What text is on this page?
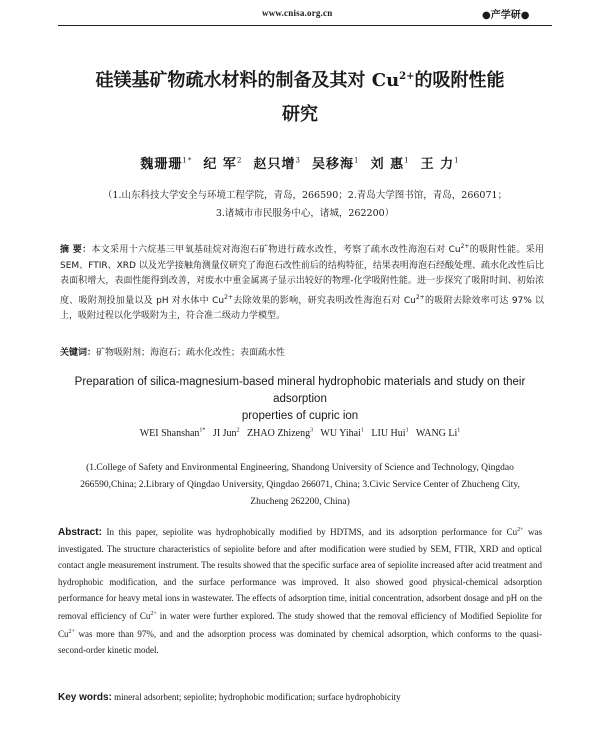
www.cnisa.org.cn	●产学研●
硅镁基矿物疏水材料的制备及其对 $Cu^{2+}$的吸附性能
研究
魏珊珊$^{1*}$ 纪 军$^2$ 赵只增$^3$ 吴移海$^1$ 刘 惠$^1$ 王 力$^1$
（1.山东科技大学安全与环境工程学院，青岛，266590；2.青岛大学图书馆，青岛，266071；
3.诸城市市民服务中心，诸城，262200）
摘 要：本文采用十六烷基三甲氧基硅烷对海泡石矿物进行疏水改性，考察了疏水改性海泡石对 $Cu^{2+}$的吸附性能。采用 SEM、FTIR、XRD 以及光学接触角测量仪研究了海泡石改性前后的结构特征，结果表明海泡石经酸处理、疏水化改性后比表面积增大，表面性能得到改善，对废水中重金属离子显示出较好的物理-化学吸附性能。进一步探究了吸附时间、初始浓度、吸附剂投加量以及 pH 对水体中 $Cu^{2+}$去除效果的影响，研究表明改性海泡石对 $Cu^{2+}$的吸附去除效率可达 97% 以上，吸附过程以化学吸附为主，符合准二级动力学模型。
关键词：矿物吸附剂；海泡石；疏水化改性；表面疏水性
Preparation of silica-magnesium-based mineral hydrophobic materials and study on their adsorption
properties of cupric ion
WEI Shanshan$^{1*}$ JI Jun$^2$ ZHAO Zhizeng$^3$ WU Yihai$^1$ LIU Hui$^1$ WANG Li$^1$
(1.College of Safety and Environmental Engineering, Shandong University of Science and Technology, Qingdao
266590,China; 2.Library of Qingdao University, Qingdao 266071, China; 3.Civic Service Center of Zhucheng City,
Zhucheng 262200, China)
Abstract: In this paper, sepiolite was hydrophobically modified by HDTMS, and its adsorption performance for $Cu^{2+}$ was investigated. The structure characteristics of sepiolite before and after modification were studied by SEM, FTIR, XRD and optical contact angle measurement instrument. The results showed that the specific surface area of sepiolite increased after acid treatment and hydrophobic modification, and the surface performance was improved. It also showed good physical-chemical adsorption performance for heavy metal ions in wastewater. The effects of adsorption time, initial concentration, adsorbent dosage and pH on the removal efficiency of $Cu^{2+}$ in water were further explored. The study showed that the removal efficiency of Modified Sepiolite for $Cu^{2+}$ was more than 97%, and and the adsorption process was dominated by chemical adsorption, which conforms to the quasi-second-order kinetic model.
Key words: mineral adsorbent; sepiolite; hydrophobic modification; surface hydrophobicity
